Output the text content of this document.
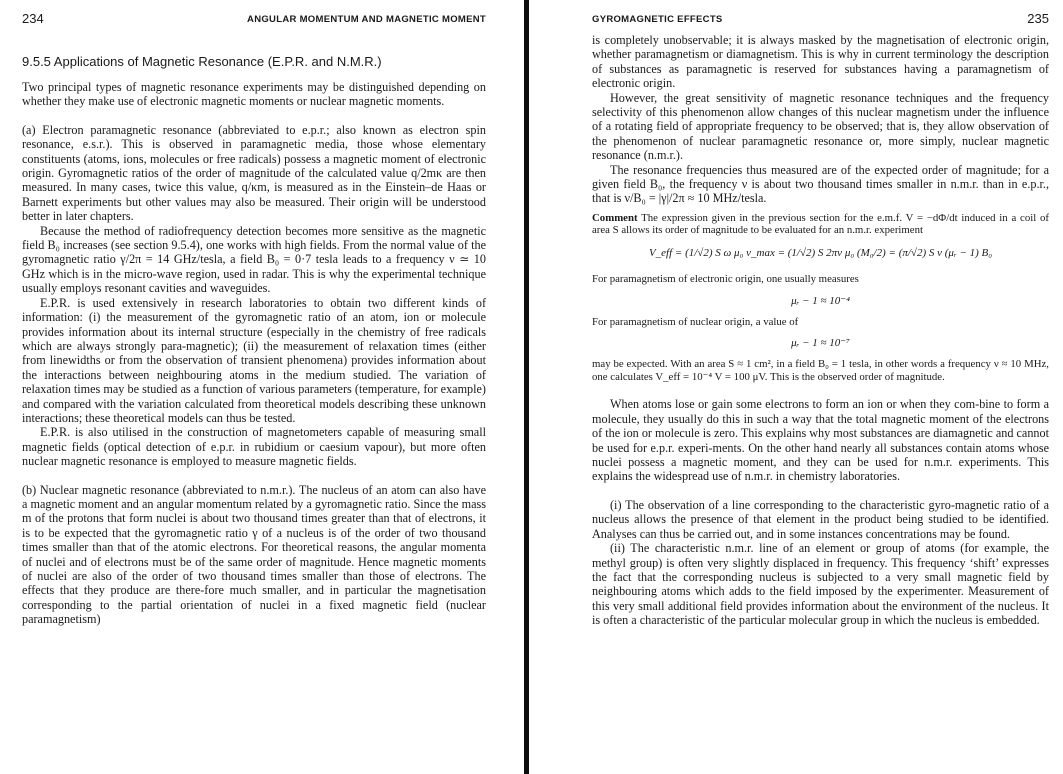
234	ANGULAR MOMENTUM AND MAGNETIC MOMENT
9.5.5 Applications of Magnetic Resonance (E.P.R. and N.M.R.)

Two principal types of magnetic resonance experiments may be distinguished depending on whether they make use of electronic magnetic moments or nuclear magnetic moments.

(a) Electron paramagnetic resonance (abbreviated to e.p.r.; also known as electron spin resonance, e.s.r.). This is observed in paramagnetic media, those whose elementary constituents (atoms, ions, molecules or free radicals) possess a magnetic moment of electronic origin. Gyromagnetic ratios of the order of magnitude of the calculated value q/2mκ are then measured. In many cases, twice this value, q/κm, is measured as in the Einstein–de Haas or Barnett experiments but other values may also be measured. Their origin will be understood better in later chapters.

Because the method of radiofrequency detection becomes more sensitive as the magnetic field B₀ increases (see section 9.5.4), one works with high fields. From the normal value of the gyromagnetic ratio γ/2π = 14 GHz/tesla, a field B₀ = 0·7 tesla leads to a frequency ν ≃ 10 GHz which is in the micro-wave region, used in radar. This is why the experimental technique usually employs resonant cavities and waveguides.

E.P.R. is used extensively in research laboratories to obtain two different kinds of information: (i) the measurement of the gyromagnetic ratio of an atom, ion or molecule provides information about its internal structure (especially in the chemistry of free radicals which are always strongly para-magnetic); (ii) the measurement of relaxation times (either from linewidths or from the observation of transient phenomena) provides information about the interactions between neighbouring atoms in the medium studied. The variation of relaxation times may be studied as a function of various parameters (temperature, for example) and compared with the variation calculated from theoretical models describing these unknown interactions; these theoretical models can thus be tested.

E.P.R. is also utilised in the construction of magnetometers capable of measuring small magnetic fields (optical detection of e.p.r. in rubidium or caesium vapour), but more often nuclear magnetic resonance is employed to measure magnetic fields.

(b) Nuclear magnetic resonance (abbreviated to n.m.r.). The nucleus of an atom can also have a magnetic moment and an angular momentum related by a gyromagnetic ratio. Since the mass m of the protons that form nuclei is about two thousand times greater than that of electrons, it is to be expected that the gyromagnetic ratio γ of a nucleus is of the order of two thousand times smaller than that of the atomic electrons. For theoretical reasons, the angular momenta of nuclei and of electrons must be of the same order of magnitude. Hence magnetic moments of nuclei are also of the order of two thousand times smaller than those of electrons. The effects that they produce are there-fore much smaller, and in particular the magnetisation corresponding to the partial orientation of nuclei in a fixed magnetic field (nuclear paramagnetism)

GYROMAGNETIC EFFECTS	235

is completely unobservable; it is always masked by the magnetisation of electronic origin, whether paramagnetism or diamagnetism. This is why in current terminology the description of substances as paramagnetic is reserved for substances having a paramagnetism of electronic origin.

However, the great sensitivity of magnetic resonance techniques and the frequency selectivity of this phenomenon allow changes of this nuclear magnetism under the influence of a rotating field of appropriate frequency to be observed; that is, they allow observation of the phenomenon of nuclear paramagnetic resonance or, more simply, nuclear magnetic resonance (n.m.r.).

The resonance frequencies thus measured are of the expected order of magnitude; for a given field B₀, the frequency ν is about two thousand times smaller in n.m.r. than in e.p.r., that is ν/B₀ = |γ|/2π ≈ 10 MHz/tesla.

Comment The expression given in the previous section for the e.m.f. V = −dΦ/dt induced in a coil of area S allows its order of magnitude to be evaluated for an n.m.r. experiment

V_eff = (1/√2) S ω μ₀ v_max = (1/√2) S 2πν μ₀ (M₀/2) = (π/√2) S ν (μᵣ − 1) B₀

For paramagnetism of electronic origin, one usually measures

μᵣ − 1 ≈ 10⁻⁴

For paramagnetism of nuclear origin, a value of

μᵣ − 1 ≈ 10⁻⁷

may be expected. With an area S ≈ 1 cm², in a field B₀ = 1 tesla, in other words a frequency ν ≈ 10 MHz, one calculates V_eff = 10⁻⁴ V = 100 μV. This is the observed order of magnitude.

When atoms lose or gain some electrons to form an ion or when they com-bine to form a molecule, they usually do this in such a way that the total magnetic moment of the electrons of the ion or molecule is zero. This explains why most substances are diamagnetic and cannot be used for e.p.r. experi-ments. On the other hand nearly all substances contain atoms whose nuclei possess a magnetic moment, and they can be used for n.m.r. experiments. This explains the widespread use of n.m.r. in chemistry laboratories.

(i) The observation of a line corresponding to the characteristic gyro-magnetic ratio of a nucleus allows the presence of that element in the product being studied to be identified. Analyses can thus be carried out, and in some instances concentrations may be found.

(ii) The characteristic n.m.r. line of an element or group of atoms (for example, the methyl group) is often very slightly displaced in frequency. This frequency ‘shift’ expresses the fact that the corresponding nucleus is subjected to a very small magnetic field by neighbouring atoms which adds to the field imposed by the experimenter. Measurement of this very small additional field provides information about the environment of the nucleus. It is often a characteristic of the particular molecular group in which the nucleus is embedded.
